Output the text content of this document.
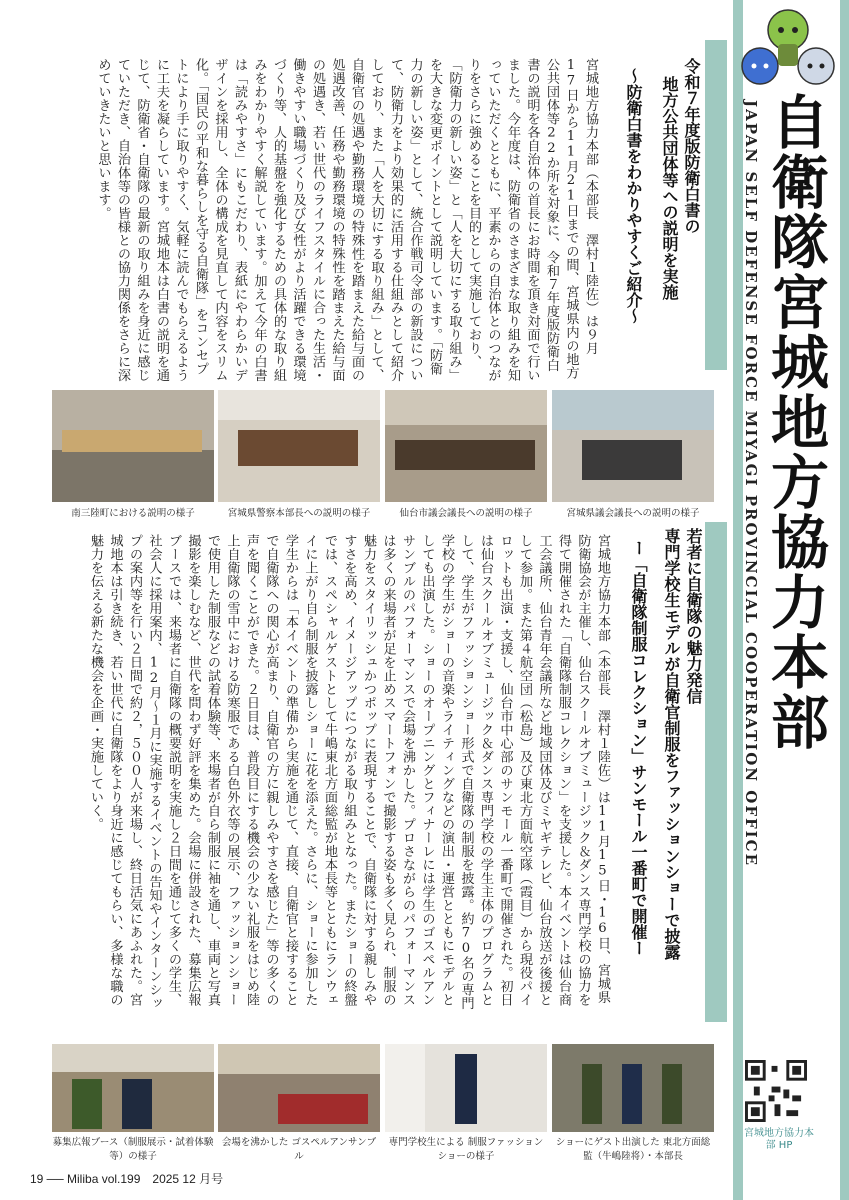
自衛隊宮城地方協力本部
JAPAN SELF DEFENSE FORCE MIYAGI PROVINCIAL COOPERATION OFFICE
令和７年度版防衛白書の
地方公共団体等への説明を実施
〜防衛白書をわかりやすくご紹介〜
宮城地方協力本部（本部長　澤村１陸佐）は９月17日から11月21日までの間、宮城県内の地方公共団体等22か所を対象に、令和７年度版防衛白書の説明を各自治体の首長にお時間を頂き対面で行いました。今年度は、防衛省のさまざまな取り組みを知っていただくとともに、平素からの自治体とのつながりをさらに強めることを目的として実施しており、「防衛力の新しい姿」と「人を大切にする取り組み」を大きな変更ポイントとして説明しています。「防衛力の新しい姿」として、統合作戦司令部の新設について、防衛力をより効果的に活用する仕組みとして紹介しており、また「人を大切にする取り組み」として、自衛官の処遇や勤務環境の特殊性を踏まえた給与面の処遇改善、任務や勤務環境の特殊性を踏まえた給与面の処遇き、若い世代のライフスタイルに合った生活・働きやすい職場づくり及び女性がより活躍できる環境づくり等、人的基盤を強化するための具体的な取り組みをわかりやすく解説しています。加えて今年の白書は「読みやすさ」にもこだわり、表紙にやわらかいデザインを採用し、全体の構成を見直して内容をスリム化。「国民の平和な暮らしを守る自衛隊」をコンセプトにより手に取りやすく、気軽に読んでもらえるように工夫を凝らしています。宮城地本は白書の説明を通じて、防衛省・自衛隊の最新の取り組みを身近に感じていただき、自治体等の皆様との協力関係をさらに深めていきたいと思います。
南三陸町における説明の様子	宮城県警察本部長への説明の様子	仙台市議会議長への説明の様子	宮城県議会議長への説明の様子
若者に自衛隊の魅力発信
専門学校生モデルが自衛官制服をファッションショーで披露
ー「自衛隊制服コレクション」サンモール一番町で開催ー
宮城地方協力本部（本部長　澤村１陸佐）は11月15日・16日、宮城県防衛協会が主催し、仙台スクールオブミュージック＆ダンス専門学校の協力を得て開催された「自衛隊制服コレクション」を支援した。本イベントは仙台商工会議所、仙台青年会議所など地域団体及びミヤギテレビ、仙台放送が後援として参加。また第４航空団（松島）及び東北方面航空隊（霞目）から現役パイロットも出演・支援し、仙台市中心部のサンモール一番町で開催された。初日は仙台スクールオブミュージック＆ダンス専門学校の学生主体のプログラムとして、学生がファッションショー形式で自衛隊の制服を披露。約70名の専門学校の学生がショーの音楽やライティングなどの演出・運営とともにモデルとしても出演した。ショーのオープニングとフィナーレには学生のゴスペルアンサンブルのパフォーマンスで会場を沸かした。プロさながらのパフォーマンスは多くの来場者が足を止めスマートフォンで撮影する姿も多く見られ、制服の魅力をスタイリッシュかつポップに表現することで、自衛隊に対する親しみやすさを高め、イメージアップにつながる取り組みとなった。またショーの終盤では、スペシャルゲストとして牛嶋東北方面総監が地本長等とともにランウェイに上がり自ら制服を披露しショーに花を添えた。さらに、ショーに参加した学生からは「本イベントの準備から実施を通じて、直接、自衛官と接することで自衛隊への関心が高まり、自衛官の方に親しみやすさを感じた」等の多くの声を聞くことができた。２日目は、普段目にする機会の少ない礼服をはじめ陸上自衛隊の雪中における防寒服である白色外衣等の展示、ファッションショーで使用した制服などの試着体験等、来場者が自ら制服に袖を通し、車両と写真撮影を楽しむなど、世代を問わず好評を集めた。会場に併設された、募集広報ブースでは、来場者に自衛隊の概要説明を実施し２日間を通じて多くの学生、社会人に採用案内、12月〜１月に実施するイベントの告知やインターンシップの案内等を行い２日間で約２，５００人が来場し、終日活気にあふれた。宮城地本は引き続き、若い世代に自衛隊をより身近に感じてもらい、多様な職の魅力を伝える新たな機会を企画・実施していく。
募集広報ブース（制服展示・試着体験等）の様子
会場を沸かした ゴスペルアンサンブル
専門学校生による 制服ファッションショーの様子
ショーにゲスト出演した 東北方面総監（牛嶋陸将）・本部長
宮城地方協力本部 HP
19 ── Miliba vol.199　2025 12 月号
